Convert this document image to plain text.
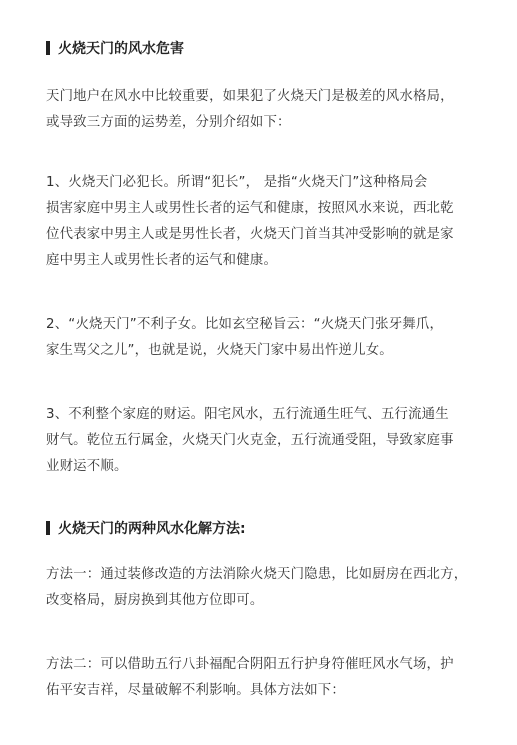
火烧天门的风水危害

天门地户在风水中比较重要，如果犯了火烧天门是极差的风水格局，
或导致三方面的运势差，分别介绍如下：

1、火烧天门必犯长。所谓“犯长”， 是指“火烧天门”这种格局会
损害家庭中男主人或男性长者的运气和健康，按照风水来说，西北乾
位代表家中男主人或是男性长者，火烧天门首当其冲受影响的就是家
庭中男主人或男性长者的运气和健康。

2、“火烧天门”不利子女。比如玄空秘旨云：“火烧天门张牙舞爪，
家生骂父之儿”，也就是说，火烧天门家中易出忤逆儿女。

3、不利整个家庭的财运。阳宅风水，五行流通生旺气、五行流通生
财气。乾位五行属金，火烧天门火克金，五行流通受阻，导致家庭事
业财运不顺。

火烧天门的两种风水化解方法:

方法一：通过装修改造的方法消除火烧天门隐患，比如厨房在西北方，
改变格局，厨房换到其他方位即可。

方法二：可以借助五行八卦福配合阴阳五行护身符催旺风水气场，护
佑平安吉祥，尽量破解不利影响。具体方法如下：
